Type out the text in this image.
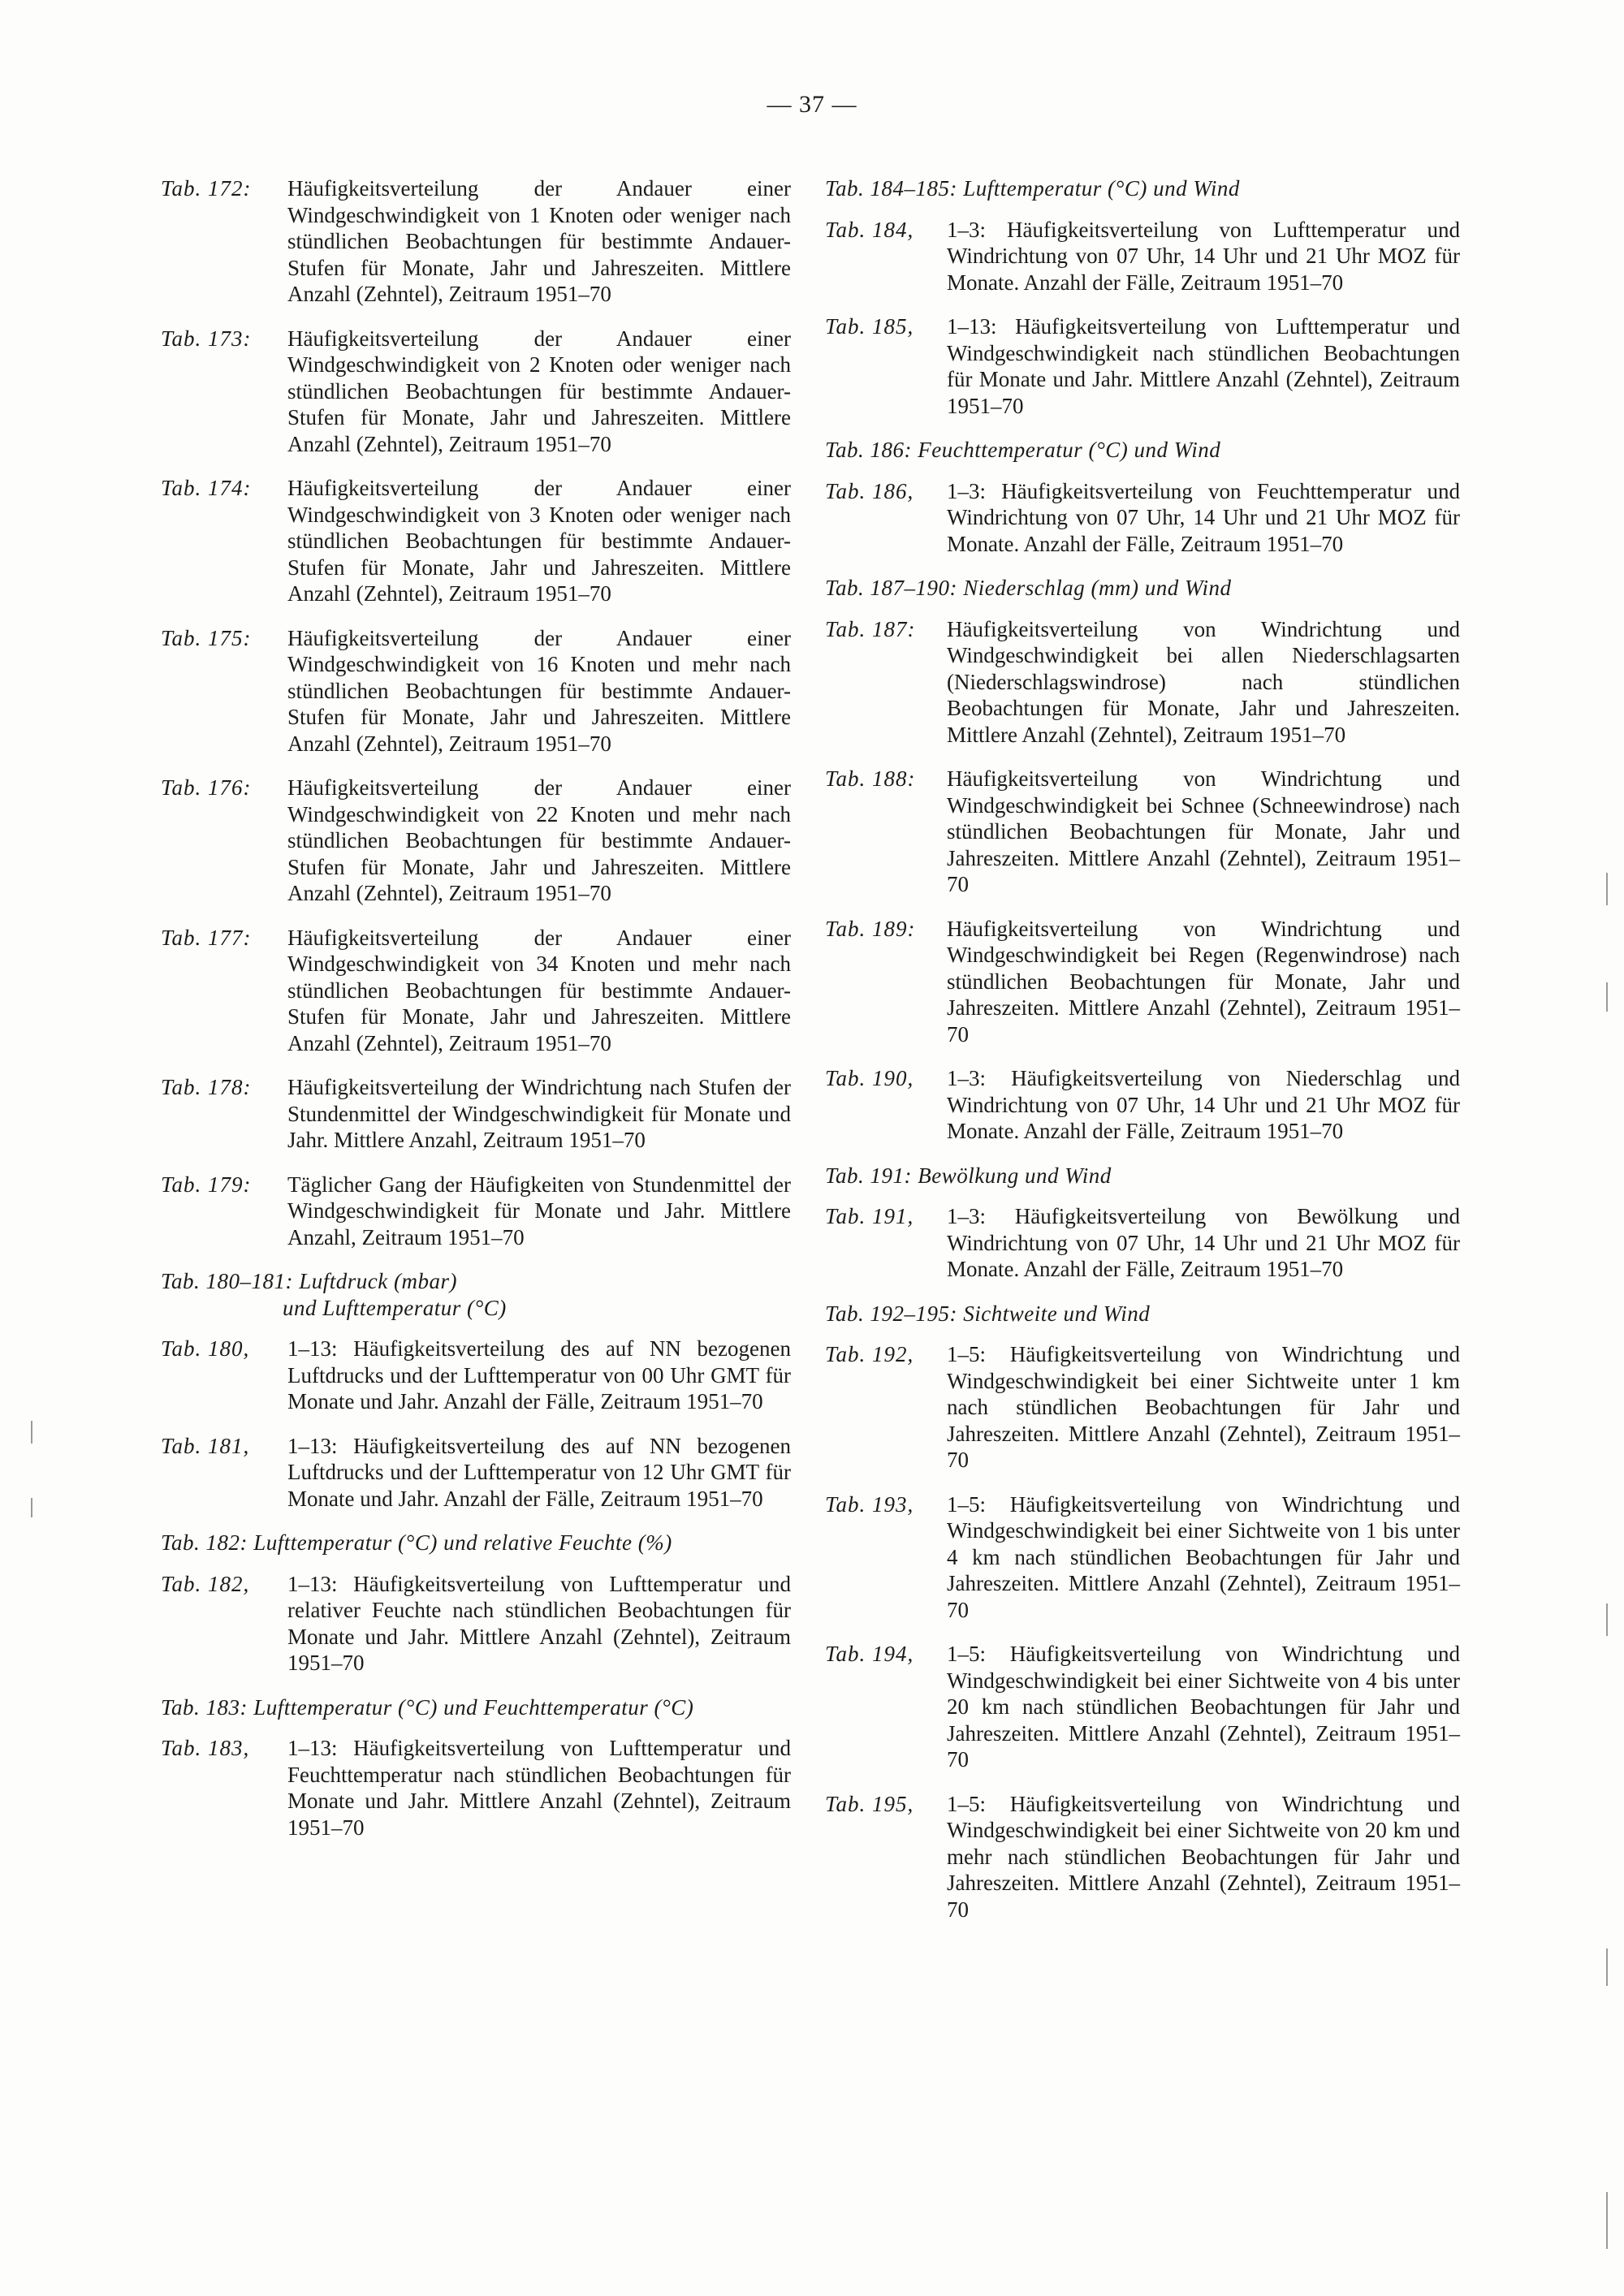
— 37 —
Tab. 172:	Häufigkeitsverteilung der Andauer einer Windgeschwindigkeit von 1 Knoten oder weniger nach stündlichen Beobachtungen für bestimmte Andauer-Stufen für Monate, Jahr und Jahreszeiten. Mittlere Anzahl (Zehntel), Zeitraum 1951–70
Tab. 173:	Häufigkeitsverteilung der Andauer einer Windgeschwindigkeit von 2 Knoten oder weniger nach stündlichen Beobachtungen für bestimmte Andauer-Stufen für Monate, Jahr und Jahreszeiten. Mittlere Anzahl (Zehntel), Zeitraum 1951–70
Tab. 174:	Häufigkeitsverteilung der Andauer einer Windgeschwindigkeit von 3 Knoten oder weniger nach stündlichen Beobachtungen für bestimmte Andauer-Stufen für Monate, Jahr und Jahreszeiten. Mittlere Anzahl (Zehntel), Zeitraum 1951–70
Tab. 175:	Häufigkeitsverteilung der Andauer einer Windgeschwindigkeit von 16 Knoten und mehr nach stündlichen Beobachtungen für bestimmte Andauer-Stufen für Monate, Jahr und Jahreszeiten. Mittlere Anzahl (Zehntel), Zeitraum 1951–70
Tab. 176:	Häufigkeitsverteilung der Andauer einer Windgeschwindigkeit von 22 Knoten und mehr nach stündlichen Beobachtungen für bestimmte Andauer-Stufen für Monate, Jahr und Jahreszeiten. Mittlere Anzahl (Zehntel), Zeitraum 1951–70
Tab. 177:	Häufigkeitsverteilung der Andauer einer Windgeschwindigkeit von 34 Knoten und mehr nach stündlichen Beobachtungen für bestimmte Andauer-Stufen für Monate, Jahr und Jahreszeiten. Mittlere Anzahl (Zehntel), Zeitraum 1951–70
Tab. 178:	Häufigkeitsverteilung der Windrichtung nach Stufen der Stundenmittel der Windgeschwindigkeit für Monate und Jahr. Mittlere Anzahl, Zeitraum 1951–70
Tab. 179:	Täglicher Gang der Häufigkeiten von Stundenmittel der Windgeschwindigkeit für Monate und Jahr. Mittlere Anzahl, Zeitraum 1951–70
Tab. 180–181: Luftdruck (mbar)
und Lufttemperatur (°C)
Tab. 180,	1–13: Häufigkeitsverteilung des auf NN bezogenen Luftdrucks und der Lufttemperatur von 00 Uhr GMT für Monate und Jahr. Anzahl der Fälle, Zeitraum 1951–70
Tab. 181,	1–13: Häufigkeitsverteilung des auf NN bezogenen Luftdrucks und der Lufttemperatur von 12 Uhr GMT für Monate und Jahr. Anzahl der Fälle, Zeitraum 1951–70
Tab. 182: Lufttemperatur (°C) und relative Feuchte (%)
Tab. 182,	1–13: Häufigkeitsverteilung von Lufttemperatur und relativer Feuchte nach stündlichen Beobachtungen für Monate und Jahr. Mittlere Anzahl (Zehntel), Zeitraum 1951–70
Tab. 183: Lufttemperatur (°C) und Feuchttemperatur (°C)
Tab. 183,	1–13: Häufigkeitsverteilung von Lufttemperatur und Feuchttemperatur nach stündlichen Beobachtungen für Monate und Jahr. Mittlere Anzahl (Zehntel), Zeitraum 1951–70
Tab. 184–185: Lufttemperatur (°C) und Wind
Tab. 184,	1–3: Häufigkeitsverteilung von Lufttemperatur und Windrichtung von 07 Uhr, 14 Uhr und 21 Uhr MOZ für Monate. Anzahl der Fälle, Zeitraum 1951–70
Tab. 185,	1–13: Häufigkeitsverteilung von Lufttemperatur und Windgeschwindigkeit nach stündlichen Beobachtungen für Monate und Jahr. Mittlere Anzahl (Zehntel), Zeitraum 1951–70
Tab. 186: Feuchttemperatur (°C) und Wind
Tab. 186,	1–3: Häufigkeitsverteilung von Feuchttemperatur und Windrichtung von 07 Uhr, 14 Uhr und 21 Uhr MOZ für Monate. Anzahl der Fälle, Zeitraum 1951–70
Tab. 187–190: Niederschlag (mm) und Wind
Tab. 187:	Häufigkeitsverteilung von Windrichtung und Windgeschwindigkeit bei allen Niederschlagsarten (Niederschlagswindrose) nach stündlichen Beobachtungen für Monate, Jahr und Jahreszeiten. Mittlere Anzahl (Zehntel), Zeitraum 1951–70
Tab. 188:	Häufigkeitsverteilung von Windrichtung und Windgeschwindigkeit bei Schnee (Schneewindrose) nach stündlichen Beobachtungen für Monate, Jahr und Jahreszeiten. Mittlere Anzahl (Zehntel), Zeitraum 1951–70
Tab. 189:	Häufigkeitsverteilung von Windrichtung und Windgeschwindigkeit bei Regen (Regenwindrose) nach stündlichen Beobachtungen für Monate, Jahr und Jahreszeiten. Mittlere Anzahl (Zehntel), Zeitraum 1951–70
Tab. 190,	1–3: Häufigkeitsverteilung von Niederschlag und Windrichtung von 07 Uhr, 14 Uhr und 21 Uhr MOZ für Monate. Anzahl der Fälle, Zeitraum 1951–70
Tab. 191: Bewölkung und Wind
Tab. 191,	1–3: Häufigkeitsverteilung von Bewölkung und Windrichtung von 07 Uhr, 14 Uhr und 21 Uhr MOZ für Monate. Anzahl der Fälle, Zeitraum 1951–70
Tab. 192–195: Sichtweite und Wind
Tab. 192,	1–5: Häufigkeitsverteilung von Windrichtung und Windgeschwindigkeit bei einer Sichtweite unter 1 km nach stündlichen Beobachtungen für Jahr und Jahreszeiten. Mittlere Anzahl (Zehntel), Zeitraum 1951–70
Tab. 193,	1–5: Häufigkeitsverteilung von Windrichtung und Windgeschwindigkeit bei einer Sichtweite von 1 bis unter 4 km nach stündlichen Beobachtungen für Jahr und Jahreszeiten. Mittlere Anzahl (Zehntel), Zeitraum 1951–70
Tab. 194,	1–5: Häufigkeitsverteilung von Windrichtung und Windgeschwindigkeit bei einer Sichtweite von 4 bis unter 20 km nach stündlichen Beobachtungen für Jahr und Jahreszeiten. Mittlere Anzahl (Zehntel), Zeitraum 1951–70
Tab. 195,	1–5: Häufigkeitsverteilung von Windrichtung und Windgeschwindigkeit bei einer Sichtweite von 20 km und mehr nach stündlichen Beobachtungen für Jahr und Jahreszeiten. Mittlere Anzahl (Zehntel), Zeitraum 1951–70
